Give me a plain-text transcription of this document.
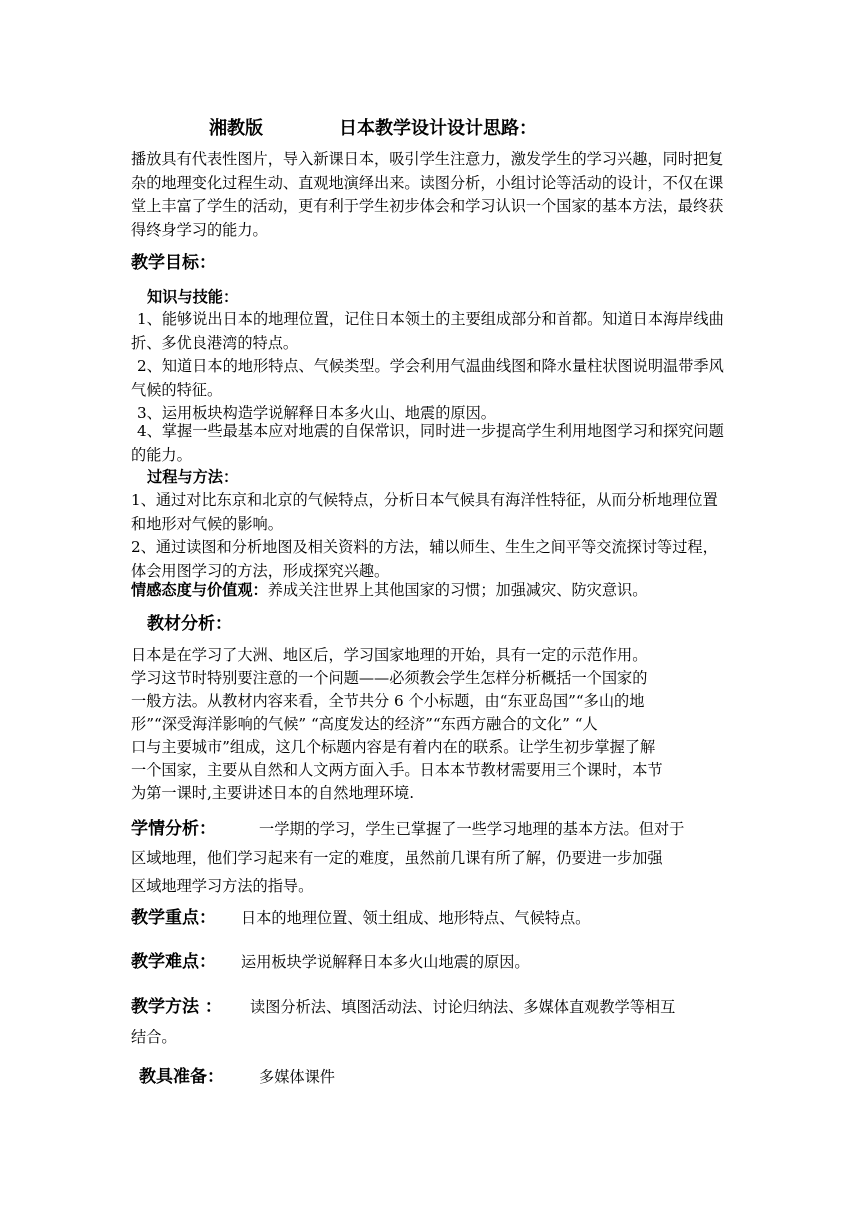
湘教版	日本教学设计设计思路：

播放具有代表性图片，导入新课日本，吸引学生注意力，激发学生的学习兴趣，同时把复杂的地理变化过程生动、直观地演绎出来。读图分析，小组讨论等活动的设计，不仅在课堂上丰富了学生的活动，更有利于学生初步体会和学习认识一个国家的基本方法，最终获得终身学习的能力。

教学目标：
知识与技能：

1、能够说出日本的地理位置，记住日本领土的主要组成部分和首都。知道日本海岸线曲折、多优良港湾的特点。

2、知道日本的地形特点、气候类型。学会利用气温曲线图和降水量柱状图说明温带季风气候的特征。

3、运用板块构造学说解释日本多火山、地震的原因。

4、掌握一些最基本应对地震的自保常识，同时进一步提高学生利用地图学习和探究问题的能力。

过程与方法：

1、通过对比东京和北京的气候特点，分析日本气候具有海洋性特征，从而分析地理位置和地形对气候的影响。

2、通过读图和分析地图及相关资料的方法，辅以师生、生生之间平等交流探讨等过程，体会用图学习的方法，形成探究兴趣。

情感态度与价值观：养成关注世界上其他国家的习惯；加强减灾、防灾意识。

教材分析：
日本是在学习了大洲、地区后，学习国家地理的开始，具有一定的示范作用。
学习这节时特别要注意的一个问题——必须教会学生怎样分析概括一个国家的
一般方法。从教材内容来看，全节共分 6 个小标题，由“东亚岛国”“多山的地
形”“深受海洋影响的气候” “高度发达的经济”“东西方融合的文化” “人
口与主要城市”组成，这几个标题内容是有着内在的联系。让学生初步掌握了解
一个国家，主要从自然和人文两方面入手。日本本节教材需要用三个课时，本节
为第一课时,主要讲述日本的自然地理环境.
学情分析：	一学期的学习，学生已掌握了一些学习地理的基本方法。但对于
区域地理，他们学习起来有一定的难度，虽然前几课有所了解，仍要进一步加强
区域地理学习方法的指导。
教学重点： 日本的地理位置、领土组成、地形特点、气候特点。
教学难点： 运用板块学说解释日本多火山地震的原因。
教学方法 ： 读图分析法、填图活动法、讨论归纳法、多媒体直观教学等相互
结合。
教具准备： 多媒体课件
